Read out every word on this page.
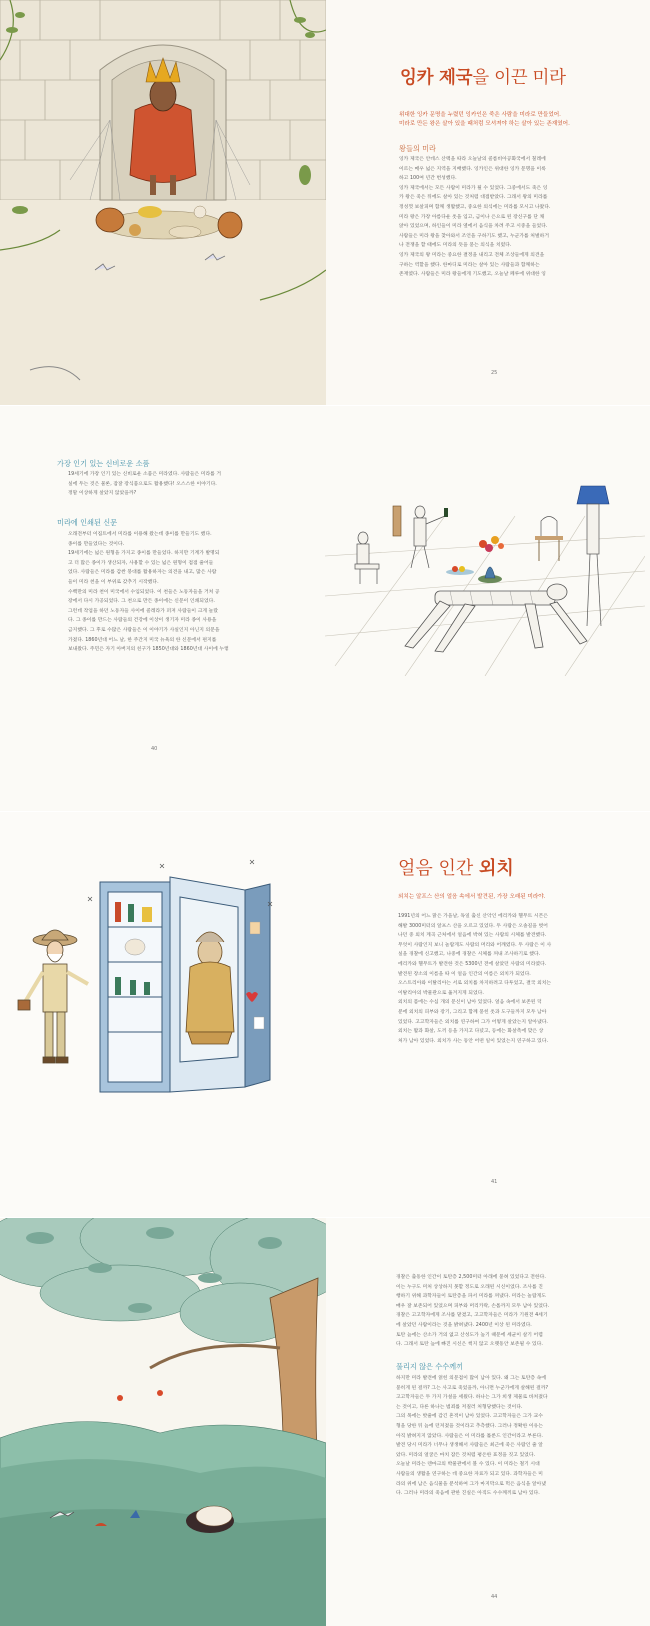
잉카 제국을 이끈 미라
위대한 잉카 문명을 누렸던 잉카인은 죽은 사람을 미라로 만들었어.
미라로 만든 왕은 살아 있을 때처럼 모셔져야 하는 살아 있는 존재였어.
왕들의 미라
잉카 제국은 안데스 산맥을 따라 오늘날의 콜롬비아공화국에서 칠레에
이르는 매우 넓은 지역을 지배했다. 잉카인은 위대한 잉카 문명을 이룩
하고 100여 년간 번성했다.
잉카 제국에서는 모든 사람이 미라가 될 수 있었다. 그중에서도 죽은 잉
카 왕은 죽은 뒤에도 살아 있는 것처럼 대접받았다. 그래서 왕의 미라를
정성껏 보살피며 함께 생활했고, 중요한 의식에는 미라를 모시고 나왔다.
미라 왕은 가장 아름다운 옷을 입고, 금이나 은으로 된 장신구를 단 채
앉아 있었으며, 하인들이 미라 옆에서 음식을 차려 주고 시중을 들었다.
사람들은 미라 왕을 찾아와서 조언을 구하기도 했고, 누군가를 처벌하거
나 전쟁을 할 때에도 미라의 뜻을 묻는 의식을 치렀다.
잉카 제국의 왕 미라는 중요한 결정을 내리고 전체 조상들에게 의견을
구하는 역할을 했다. 한마디로 미라는 살아 있는 사람들과 함께하는
존재였다. 사람들은 미라 왕들에게 기도했고, 오늘날 페루에 위대한 잉
25
가장 인기 있는 신비로운 소품
19세기에 가장 인기 있는 신비로운 소품은 미라였다. 사람들은 미라를 거
실에 두는 것은 물론, 잠잘 장식품으로도 활용했다! 오스스한 이야기다.
정말 이상하게 살았지 않았을까?
미라에 인쇄된 신문
오래전부터 이집트에서 미라를 이용해 왔는데 종이를 만들기도 했다.
종이를 만들었다는 것이다.
19세기에는 넓은 원형을 가지고 종이를 만들었다. 하지만 기계가 발명되
고 더 많은 종이가 생산되자, 사용할 수 있는 넓은 원형이 점점 줄어들
었다. 사람들은 미라를 감싼 붕대를 활용하자는 의견을 내고, 많은 사람
들이 미라 천을 이 부위로 갖추기 시작했다.
수백만의 미라 천이 미국에서 수입되었다. 이 천들은 노동자들을 거쳐 공
장에서 다시 가공되었다. 그 천으로 만든 종이에는 신문이 인쇄되었다.
그런데 작업을 하던 노동자들 사이에 콜레라가 퍼져 사람들이 크게 놀랐
다. 그 종이를 만드는 사람들의 건강에 이상이 생기자 미라 종이 사용을
금지했다. 그 후로 수많은 사람들은 이 이야기가 사실인지 아닌지 의문을
가졌다. 1860년대 어느 날, 한 주간지 미국 뉴욕의 한 신문에서 편지를
보내왔다. 주민은 자기 아버지의 친구가 1850년대와 1860년대 사이에 누렇
40
얼음 인간 외치
외치는 알프스 산의 얼음 속에서 발견된, 가장 오래된 미라야.
1991년의 어느 맑은 가을날, 독일 출신 산악인 에리카와 헬무트 시몬은
해발 3000미터의 알프스 산을 오르고 있었다. 두 사람은 오솔길을 벗어
나던 중 외치 계곡 근처에서 얼음에 박혀 있는 사람의 시체를 발견했다.
무엇이 사람인지 보니 놀랍게도 사람의 머리와 어깨였다. 두 사람은 이 사
실을 경찰에 신고했고, 나중에 경찰은 시체를 꺼내 조사하기로 했다.
에리카와 헬무트가 발견한 것은 5300년 전에 살았던 사람의 미라였다.
발견된 장소의 이름을 따 이 얼음 인간의 이름은 외치가 되었다.
오스트리아와 이탈리아는 서로 외치를 차지하려고 다투었고, 결국 외치는
이탈리아의 박물관으로 옮겨지게 되었다.
외치의 몸에는 수십 개의 문신이 남아 있었다. 얼음 속에서 보존된 덕
분에 외치의 피부와 장기, 그리고 함께 묻힌 옷과 도구들까지 모두 남아
있었다. 고고학자들은 외치를 연구하여 그가 어떻게 살았는지 알아냈다.
외치는 활과 화살, 도끼 등을 가지고 다녔고, 등에는 화살촉에 맞은 상
처가 남아 있었다. 외치가 사는 동안 어떤 일이 있었는지 연구하고 있다.
41
경찰은 출동한 인간이 토탄층 2,500미터 아래에 묻혀 있었다고 전한다.
이는 누구도 미처 상상하지 못할 정도로 오래된 시신이었다. 조사를 진
행하기 위해 과학자들이 토탄층을 파서 미라를 꺼냈다. 미라는 놀랍게도
매우 잘 보존되어 있었으며 피부와 머리카락, 손톱까지 모두 남아 있었다.
경찰은 고고학자에게 조사를 맡겼고, 고고학자들은 미라가 기원전 4세기
에 살았던 사람이라는 것을 밝혀냈다. 2400년 이상 된 미라였다.
토탄 늪에는 산소가 거의 없고 산성도가 높기 때문에 세균이 살기 어렵
다. 그래서 토탄 늪에 빠진 시신은 썩지 않고 오랫동안 보존될 수 있다.
풀리지 않은 수수께끼
하지만 미라 발견에 얽힌 의문점이 많이 남아 있다. 왜 그는 토탄층 속에
묻히게 된 걸까? 그는 사고로 죽었을까, 아니면 누군가에게 살해된 걸까?
고고학자들은 두 가지 가설을 세웠다. 하나는 그가 희생 제물로 바쳐졌다
는 것이고, 다른 하나는 범죄를 저질러 처형당했다는 것이다.
그의 목에는 밧줄에 감긴 흔적이 남아 있었다. 고고학자들은 그가 교수
형을 당한 뒤 늪에 던져졌을 것이라고 추측했다. 그러나 정확한 이유는
아직 밝혀지지 않았다. 사람들은 이 미라를 톨룬드 인간이라고 부른다.
발견 당시 미라가 너무나 생생해서 사람들은 최근에 죽은 사람인 줄 알
았다. 미라의 얼굴은 마치 잠든 것처럼 평온한 표정을 짓고 있었다.
오늘날 미라는 덴마크의 박물관에서 볼 수 있다. 이 미라는 철기 시대
사람들의 생활을 연구하는 데 중요한 자료가 되고 있다. 과학자들은 미
라의 위에 남은 음식물을 분석하여 그가 마지막으로 먹은 음식을 알아냈
다. 그러나 미라의 죽음에 관한 진실은 아직도 수수께끼로 남아 있다.
44
